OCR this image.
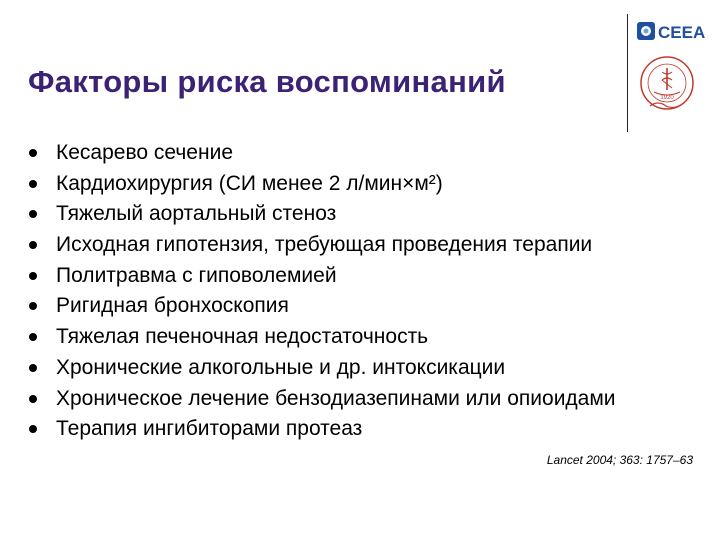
Факторы риска воспоминаний
CEEA
1920
Кесарево сечение
Кардиохирургия (СИ менее 2 л/мин×м²)
Тяжелый аортальный стеноз
Исходная гипотензия, требующая проведения терапии
Политравма с гиповолемией
Ригидная бронхоскопия
Тяжелая печеночная недостаточность
Хронические алкогольные и др. интоксикации
Хроническое лечение бензодиазепинами или опиоидами
Терапия ингибиторами протеаз
Lancet 2004; 363: 1757–63
